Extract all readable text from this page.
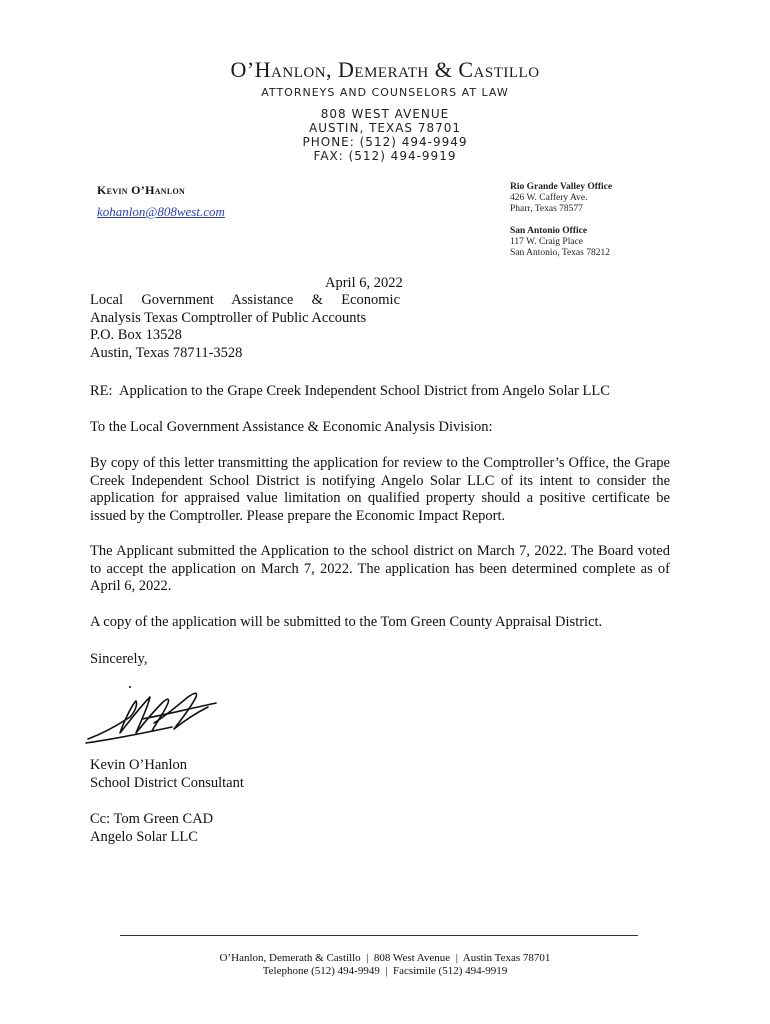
O’Hanlon, Demerath & Castillo
ATTORNEYS AND COUNSELORS AT LAW
808 WEST AVENUE
AUSTIN, TEXAS 78701
PHONE: (512) 494-9949
FAX: (512) 494-9919
Kevin O’Hanlon
kohanlon@808west.com
Rio Grande Valley Office
426 W. Caffery Ave.
Pharr, Texas 78577
San Antonio Office
117 W. Craig Place
San Antonio, Texas 78212
April 6, 2022
Local Government Assistance & Economic
Analysis Texas Comptroller of Public Accounts
P.O. Box 13528
Austin, Texas 78711-3528
RE:  Application to the Grape Creek Independent School District from Angelo Solar LLC
To the Local Government Assistance & Economic Analysis Division:
By copy of this letter transmitting the application for review to the Comptroller’s Office, the Grape Creek Independent School District is notifying Angelo Solar LLC of its intent to consider the application for appraised value limitation on qualified property should a positive certificate be issued by the Comptroller. Please prepare the Economic Impact Report.
The Applicant submitted the Application to the school district on March 7, 2022. The Board voted to accept the application on March 7, 2022. The application has been determined complete as of April 6, 2022.
A copy of the application will be submitted to the Tom Green County Appraisal District.
Sincerely,
Kevin O’Hanlon
School District Consultant
Cc: Tom Green CAD
Angelo Solar LLC
O’Hanlon, Demerath & Castillo  |  808 West Avenue  |  Austin Texas 78701
Telephone (512) 494-9949  |  Facsimile (512) 494-9919
